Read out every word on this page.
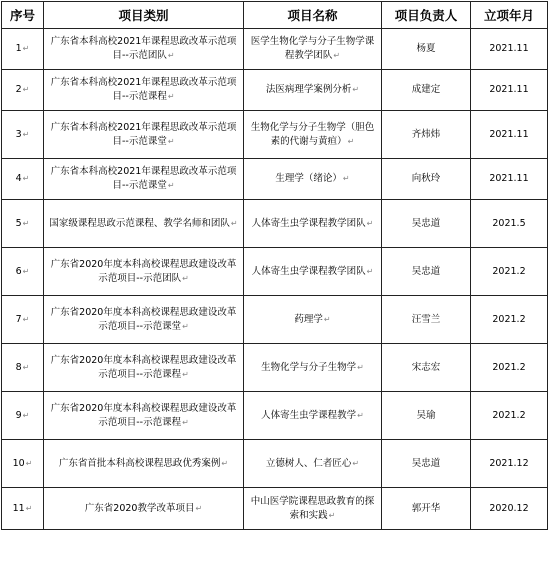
序号	项目类别	项目名称	项目负责人	立项年月
1↵	广东省本科高校2021年课程思政改革示范项目--示范团队↵	医学生物化学与分子生物学课程教学团队↵	杨夏	2021.11
2↵	广东省本科高校2021年课程思政改革示范项目--示范课程↵	法医病理学案例分析↵	成建定	2021.11
3↵	广东省本科高校2021年课程思政改革示范项目--示范课堂↵	生物化学与分子生物学（胆色素的代谢与黄疸）↵	齐炜炜	2021.11
4↵	广东省本科高校2021年课程思政改革示范项目--示范课堂↵	生理学（绪论）↵	向秋玲	2021.11
5↵	国家级课程思政示范课程、教学名师和团队↵	人体寄生虫学课程教学团队↵	吴忠道	2021.5
6↵	广东省2020年度本科高校课程思政建设改革示范项目--示范团队↵	人体寄生虫学课程教学团队↵	吴忠道	2021.2
7↵	广东省2020年度本科高校课程思政建设改革示范项目--示范课堂↵	药理学↵	汪雪兰	2021.2
8↵	广东省2020年度本科高校课程思政建设改革示范项目--示范课程↵	生物化学与分子生物学↵	宋志宏	2021.2
9↵	广东省2020年度本科高校课程思政建设改革示范项目--示范课程↵	人体寄生虫学课程教学↵	吴瑜	2021.2
10↵	广东省首批本科高校课程思政优秀案例↵	立德树人、仁者匠心↵	吴忠道	2021.12
11↵	广东省2020教学改革项目↵	中山医学院课程思政教育的探索和实践↵	郭开华	2020.12
